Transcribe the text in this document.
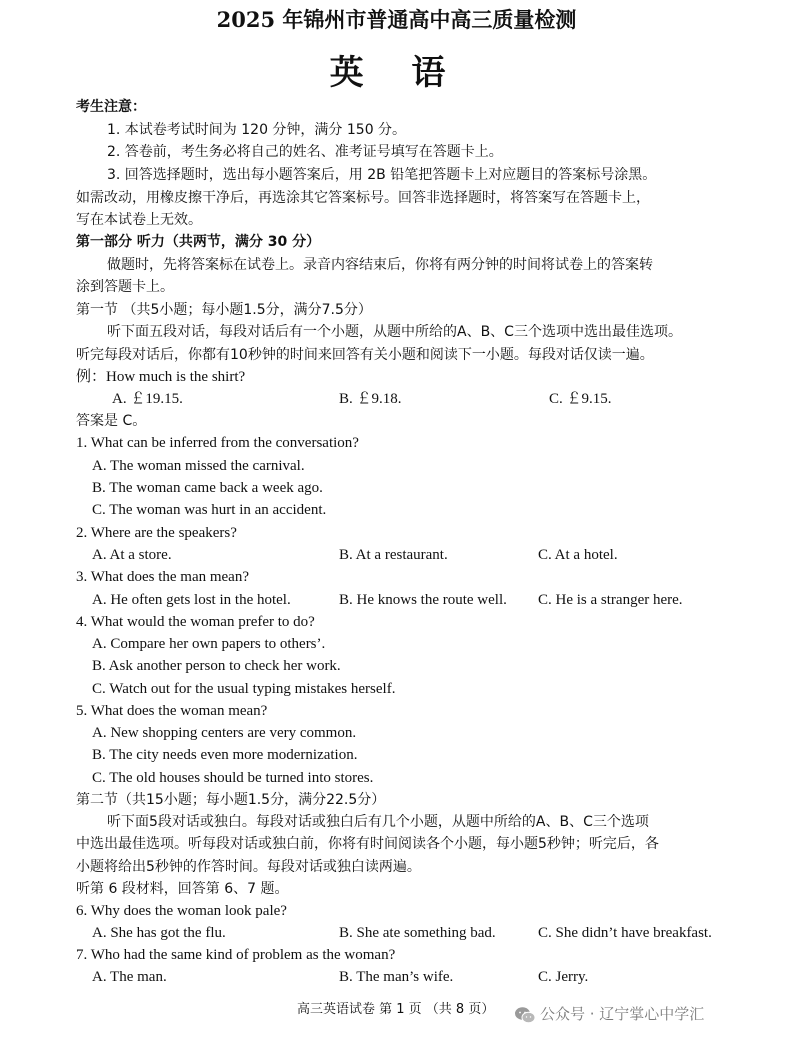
2025 年锦州市普通高中高三质量检测
英 语
考生注意：
1. 本试卷考试时间为 120 分钟，满分 150 分。
2. 答卷前，考生务必将自己的姓名、准考证号填写在答题卡上。
3. 回答选择题时，选出每小题答案后，用 2B 铅笔把答题卡上对应题目的答案标号涂黑。
如需改动，用橡皮擦干净后，再选涂其它答案标号。回答非选择题时，将答案写在答题卡上，
写在本试卷上无效。
第一部分 听力（共两节，满分 30 分）
做题时，先将答案标在试卷上。录音内容结束后，你将有两分钟的时间将试卷上的答案转
涂到答题卡上。
第一节 （共5小题；每小题1.5分，满分7.5分）
听下面五段对话，每段对话后有一个小题，从题中所给的A、B、C三个选项中选出最佳选项。
听完每段对话后，你都有10秒钟的时间来回答有关小题和阅读下一小题。每段对话仅读一遍。
例：How much is the shirt?
A. ￡19.15.	B. ￡9.18.	C. ￡9.15.
答案是 C。
1. What can be inferred from the conversation?
A. The woman missed the carnival.
B. The woman came back a week ago.
C. The woman was hurt in an accident.
2. Where are the speakers?
A. At a store.	B. At a restaurant.	C. At a hotel.
3. What does the man mean?
A. He often gets lost in the hotel.	B. He knows the route well. C. He is a stranger here.
4. What would the woman prefer to do?
A. Compare her own papers to others’.
B. Ask another person to check her work.
C. Watch out for the usual typing mistakes herself.
5. What does the woman mean?
A. New shopping centers are very common.
B. The city needs even more modernization.
C. The old houses should be turned into stores.
第二节（共15小题；每小题1.5分，满分22.5分）
听下面5段对话或独白。每段对话或独白后有几个小题，从题中所给的A、B、C三个选项
中选出最佳选项。听每段对话或独白前，你将有时间阅读各个小题，每小题5秒钟；听完后，各
小题将给出5秒钟的作答时间。每段对话或独白读两遍。
听第 6 段材料，回答第 6、7 题。
6. Why does the woman look pale?
A. She has got the flu.	B. She ate something bad.	C. She didn’t have breakfast.
7. Who had the same kind of problem as the woman?
A. The man.	B. The man’s wife.	C. Jerry.
高三英语试卷 第 1 页 （共 8 页）	公众号 · 辽宁掌心中学汇
